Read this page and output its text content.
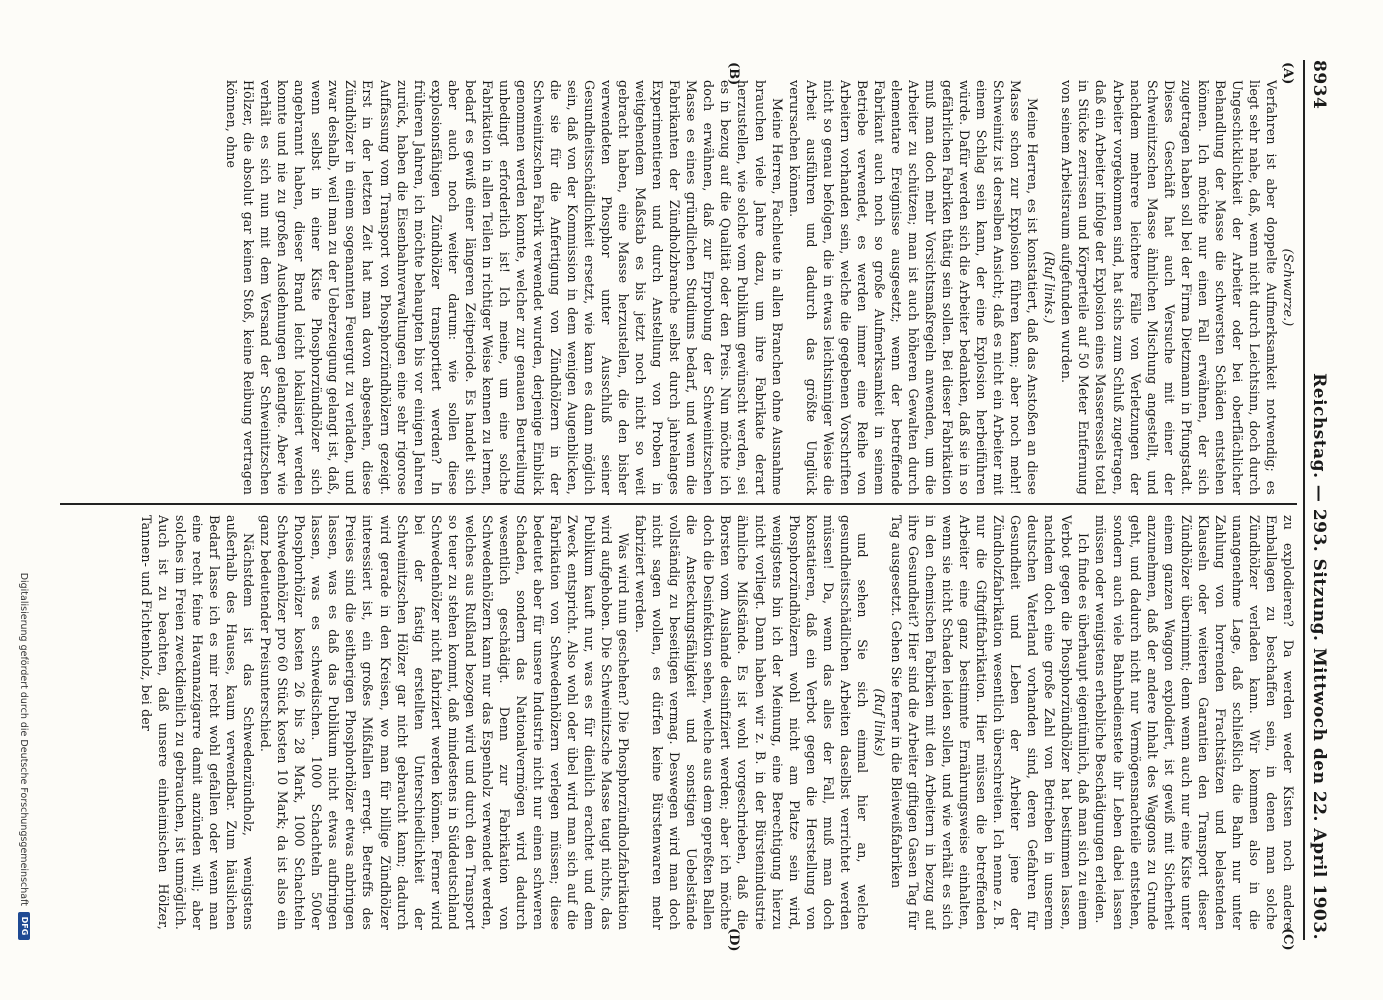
8934
Reichstag. — 293. Sitzung. Mittwoch den 22. April 1903.
(A)
(B)
(C)
(D)

(Schwarze.)

Verfahren ist aber doppelte Aufmerksamkeit notwendig; es liegt sehr nahe, daß, wenn nicht durch Leichtsinn, doch durch Ungeschicklichkeit der Arbeiter oder bei oberflächlicher Behandlung der Masse die schwersten Schäden entstehen können. Ich möchte nur einen Fall erwähnen, der sich zugetragen haben soll bei der Firma Dietzmann in Pfungstadt. Dieses Geschäft hat auch Versuche mit einer der Schweinitzschen Masse ähnlichen Mischung angestellt, und nachdem mehrere leichtere Fälle von Verletzungen der Arbeiter vorgekommen sind, hat sichs zum Schluß zugetragen, daß ein Arbeiter infolge der Explosion eines Masseressels total in Stücke zerrissen und Körperteile auf 50 Meter Entfernung von seinem Arbeitsraum aufgefunden wurden.

(Ruf links.)

Meine Herren, es ist konstatiert, daß das Anstoßen an diese Masse schon zur Explosion führen kann; aber noch mehr! Schweinitz ist derselben Ansicht; daß es nicht ein Arbeiter mit einem Schlag sein kann, der eine Explosion herbeiführen würde. Dafür werden sich die Arbeiter bedanken, daß sie in so gefährlichen Fabriken thätig sein sollen. Bei dieser Fabrikation muß man doch mehr Vorsichtsmaßregeln anwenden, um die Arbeiter zu schützen; man ist auch höheren Gewalten durch elementare Ereignisse ausgesetzt; wenn der betreffende Fabrikant auch noch so große Aufmerksamkeit in seinem Betriebe verwendet, es werden immer eine Reihe von Arbeitern vorhanden sein, welche die gegebenen Vorschriften nicht so genau befolgen, die in etwas leichtsinniger Weise die Arbeit ausführen und dadurch das größte Unglück verursachen können.

Meine Herren, Fachleute in allen Branchen ohne Ausnahme brauchen viele Jahre dazu, um ihre Fabrikate derart herzustellen, wie solche vom Publikum gewünscht werden, sei es in bezug auf die Qualität oder den Preis. Nun möchte ich doch erwähnen, daß zur Erprobung der Schweinitzschen Masse es eines gründlichen Studiums bedarf, und wenn die Fabrikanten der Zündholzbranche selbst durch jahrelanges Experimentieren und durch Anstellung von Proben in weitgehendem Maßstab es bis jetzt noch nicht so weit gebracht haben, eine Masse herzustellen, die den bisher verwendeten Phosphor unter Ausschluß seiner Gesundheitsschädlichkeit ersetzt, wie kann es dann möglich sein, daß von der Kommission in dem wenigen Augenblicken, die sie für die Anfertigung von Zündhölzern in der Schweinitzschen Fabrik verwendet wurden, derjenige Einblick genommen werden konnte, welcher zur genauen Beurteilung unbedingt erforderlich ist! Ich meine, um eine solche Fabrikation in allen Teilen in richtiger Weise kennen zu lernen, bedarf es gewiß einer längeren Zeitperiode. Es handelt sich aber auch noch weiter darum: wie sollen diese explosionsfähigen Zündhölzer transportiert werden? In früheren Jahren, ich möchte behaupten bis vor einigen Jahren zurück, haben die Eisenbahnverwaltungen eine sehr rigorose Auffassung vom Transport von Phosphorzündhölzern gezeigt. Erst in der letzten Zeit hat man davon abgesehen, diese Zündhölzer in einem sogenannten Feuergut zu verladen, und zwar deshalb, weil man zu der Ueberzeugung gelangt ist, daß, wenn selbst in einer Kiste Phosphorzündhölzer sich angebrannt haben, dieser Brand leicht lokalisiert werden konnte und nie zu großen Ausdehnungen gelangte. Aber wie verhält es sich nun mit dem Versand der Schweinitzschen Hölzer, die absolut gar keinen Stoß, keine Reibung vertragen können, ohne

zu explodieren? Da werden weder Kisten noch andere Emballagen zu beschaffen sein, in denen man solche Zündhölzer verladen kann. Wir kommen also in die unangenehme Lage, daß schließlich die Bahn nur unter Zahlung von horrenden Frachtsätzen und belastenden Klauseln oder weiteren Garantien den Transport dieser Zündhölzer übernimmt; denn wenn auch nur eine Kiste unter einem ganzen Waggon explodiert, ist gewiß mit Sicherheit anzunehmen, daß der andere Inhalt des Waggons zu Grunde geht, und dadurch nicht nur Vermögensnachteile entstehen, sondern auch viele Bahnbedienstete ihr Leben dabei lassen müssen oder wenigstens erhebliche Beschädigungen erleiden.

Ich finde es überhaupt eigentümlich, daß man sich zu einem Verbot gegen die Phosphorzündhölzer hat bestimmen lassen, nachdem doch eine große Zahl von Betrieben in unserem deutschen Vaterland vorhanden sind, deren Gefahren für Gesundheit und Leben der Arbeiter jene der Zündholzfabrikation wesentlich überschreiten. Ich nenne z. B. nur die Giftgiftfabrikation. Hier müssen die betreffenden Arbeiter eine ganz bestimmte Ernährungsweise einhalten, wenn sie nicht Schaden leiden sollen, und wie verhält es sich in den chemischen Fabriken mit den Arbeitern in bezug auf ihre Gesundheit? Hier sind die Arbeiter giftigen Gasen Tag für Tag ausgesetzt. Gehen Sie ferner in die Bleiweißfabriken

(Ruf links)

und sehen Sie sich einmal hier an, welche gesundheitsschädlichen Arbeiten daselbst verrichtet werden müssen! Da, wenn das alles der Fall, muß man doch konstatieren, daß ein Verbot gegen die Herstellung von Phosphorzündhölzern wohl nicht am Platze sein wird, wenigstens bin ich der Meinung, eine Berechtigung hierzu nicht vorliegt. Dann haben wir z. B. in der Bürstenindustrie ähnliche Mißstände. Es ist wohl vorgeschrieben, daß die Borsten vom Auslande desinfiziert werden; aber ich möchte doch die Desinfektion sehen, welche aus dem gepreßten Ballen die Ansteckungsfähigkeit und sonstigen Uebelstände vollständig zu beseitigen vermag. Deswegen wird man doch nicht sagen wollen, es dürfen keine Bürstenwaren mehr fabriziert werden.

Was wird nun geschehen? Die Phosphorzündholzfabrikation wird aufgehoben. Die Schweinitzsche Masse taugt nichts, das Publikum kauft nur, was es für dienlich erachtet und dem Zweck entspricht. Also wohl oder übel wird man sich auf die Fabrikation von Schwedenhölzern verlegen müssen; diese bedeutet aber für unsere Industrie nicht nur einen schweren Schaden, sondern das Nationalvermögen wird dadurch wesentlich geschädigt. Denn zur Fabrikation von Schwedenhölzern kann nur das Espenholz verwendet werden, welches aus Rußland bezogen wird und durch den Transport so teuer zu stehen kommt, daß mindestens in Süddeutschland Schwedenhölzer nicht fabriziert werden können. Ferner wird bei der fastig erstellten Unterschiedlichkeit der Schweinitzschen Hölzer gar nicht gebraucht kann; dadurch wird gerade in den Kreisen, wo man für billige Zündhölzer interessiert ist, ein großes Mißfallen erregt. Betreffs des Preises sind die seitherigen Phosphorhölzer etwas anbringen lassen, was es daß das Publikum nicht etwas aufbringen lassen, was es schwedischen. 1000 Schachteln 500er Phosphorhölzer kosten 26 bis 28 Mark, 1000 Schachteln Schwedenhölzer pro 60 Stück kosten 10 Mark; da ist also ein ganz bedeutender Preisunterschied.

Nächstdem ist das Schwedenzündholz, wenigstens außerhalb des Hauses, kaum verwendbar. Zum häuslichen Bedarf lasse ich es mir recht wohl gefallen oder wenn man eine recht feine Havannazigarre damit anzünden will; aber solches im Freien zweckdienlich zu gebrauchen, ist unmöglich. Auch ist zu beachten, daß unsere einheimischen Hölzer, Tannen- und Fichtenholz, bei der

Digitalisierung gefördert durch die Deutsche Forschungsgemeinschaft
DFG
